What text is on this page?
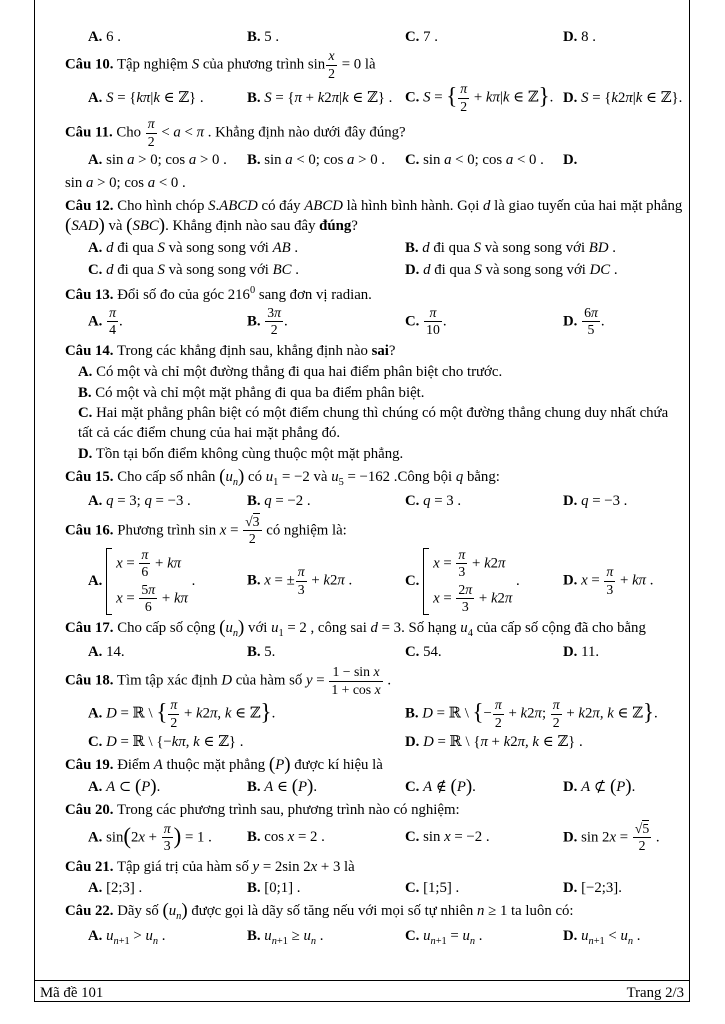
A. 6 .	B. 5 .	C. 7 .	D. 8 .
Câu 10. Tập nghiệm S của phương trình $\sin \frac{x}{2} = 0$ là
A. S = {kπ|k ∈ ℤ} .	B. S = {π + k2π|k ∈ ℤ} . C. S = { $\frac{\pi}{2} + k\pi|k$ ∈ ℤ}. D. S = {k2π|k ∈ ℤ}.
Câu 11. Cho $\frac{\pi}{2} < a < \pi$ . Khẳng định nào dưới đây đúng?
A. sin a > 0; cos a > 0 .	B. sin a < 0; cos a > 0 .	C. sin a < 0; cos a < 0 .	D.
sin a > 0; cos a < 0 .
Câu 12. Cho hình chóp S.ABCD có đáy ABCD là hình bình hành. Gọi d là giao tuyến của hai mặt phẳng (SAD) và (SBC). Khẳng định nào sau đây đúng?
A. d đi qua S và song song với AB .	B. d đi qua S và song song với BD .
C. d đi qua S và song song với BC .	D. d đi qua S và song song với DC .
Câu 13. Đổi số đo của góc $216^0$ sang đơn vị radian.
A. $\frac{\pi}{4}$ .	B. $\frac{3\pi}{2}$ .	C. $\frac{\pi}{10}$ .	D. $\frac{6\pi}{5}$ .
Câu 14. Trong các khẳng định sau, khẳng định nào sai?
A. Có một và chỉ một đường thẳng đi qua hai điểm phân biệt cho trước.
B. Có một và chỉ một mặt phẳng đi qua ba điểm phân biệt.
C. Hai mặt phẳng phân biệt có một điểm chung thì chúng có một đường thẳng chung duy nhất chứa tất cả các điểm chung của hai mặt phẳng đó.
D. Tồn tại bốn điểm không cùng thuộc một mặt phẳng.
Câu 15. Cho cấp số nhân $(u_n)$ có $u_1 = -2$ và $u_5 = -162$ .Công bội q bằng:
A. q = 3; q = −3 .	B. q = −2 .	C. q = 3 .	D. q = −3 .
Câu 16. Phương trình $\sin x = \frac{√3}{2}$ có nghiệm là:
A.
$x = \frac{\pi}{6} + k\pi$
$x = \frac{5\pi}{6} + k\pi$
.	B. x = ± $\frac{\pi}{3} + k2\pi$ .	C.
$x = \frac{\pi}{3} + k2\pi$
$x = \frac{2\pi}{3} + k2\pi$
.	D. $x = \frac{\pi}{3} + k\pi$ .
Câu 17. Cho cấp số cộng $(u_n)$ với $u_1 = 2$ , công sai d = 3. Số hạng $u_4$ của cấp số cộng đã cho bằng
A. 14.	B. 5.	C. 54.	D. 11.
Câu 18. Tìm tập xác định D của hàm số $y = \frac{\text{1 − sin x}}{\text{1 + cos x}}$ .
A. D = ℝ \ { $\frac{\pi}{2} + k2\pi$, k ∈ ℤ}.	B. D = ℝ \ {− $\frac{\pi}{2} + k2\pi$; $\frac{\pi}{2} + k2\pi$, k ∈ ℤ}.
C. D = ℝ \ {−kπ, k ∈ ℤ} .	D. D = ℝ \ {π + k2π, k ∈ ℤ} .
Câu 19. Điểm A thuộc mặt phẳng (P) được kí hiệu là
A. A ⊂ (P).	B. A ∈ (P).	C. A ∉ (P).	D. A ⊄ (P).
Câu 20. Trong các phương trình sau, phương trình nào có nghiệm:
A. $\sin(2x + \frac{\pi}{3}$ ) = 1 .	B. cos x = 2 .	C. sin x = −2 .	D. $\sin 2x = \frac{√5}{2}$ .
Câu 21. Tập giá trị của hàm số y = 2sin 2x + 3 là
A. [2;3] .	B. [0;1] .	C. [1;5] .	D. [−2;3].
Câu 22. Dãy số $(u_n)$ được gọi là dãy số tăng nếu với mọi số tự nhiên n ≥ 1 ta luôn có:
A. $u_{n+1} > u_n$ .	B. $u_{n+1} \ge u_n$ .	C. $u_{n+1} = u_n$ .	D. $u_{n+1} < u_n$ .
Mã đề 101	Trang 2/3
